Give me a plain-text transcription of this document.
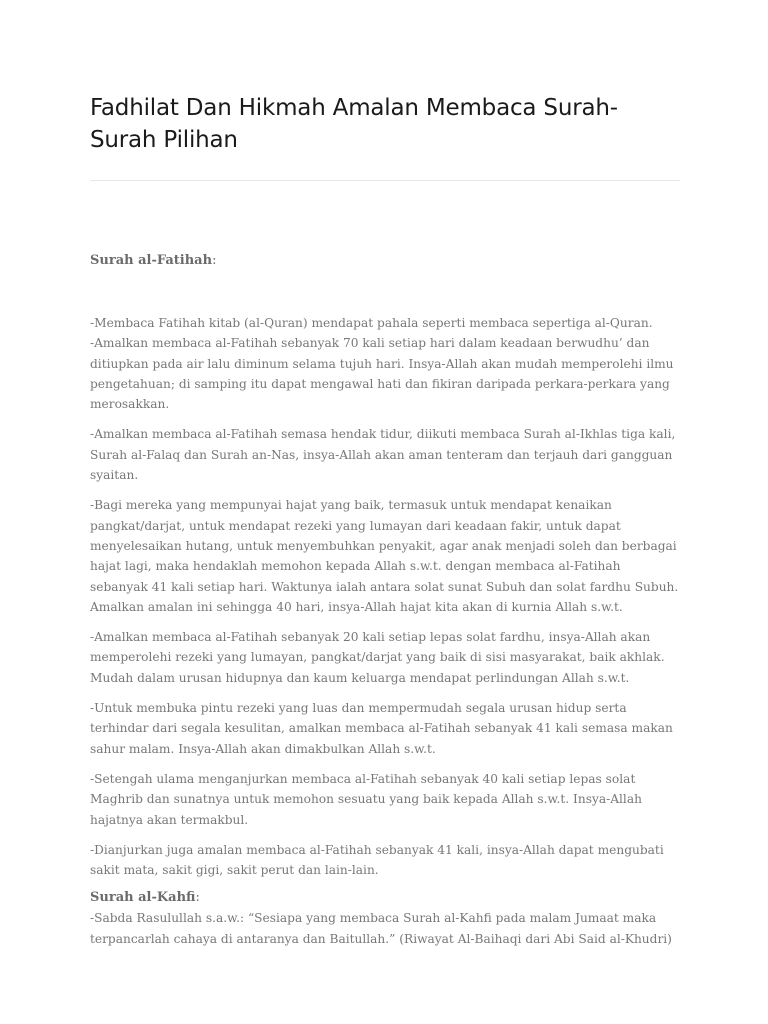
Fadhilat Dan Hikmah Amalan Membaca Surah-Surah Pilihan
Surah al-Fatihah:

-Membaca Fatihah kitab (al-Quran) mendapat pahala seperti membaca sepertiga al-Quran.
-Amalkan membaca al-Fatihah sebanyak 70 kali setiap hari dalam keadaan berwudhu’ dan ditiupkan pada air lalu diminum selama tujuh hari. Insya-Allah akan mudah memperolehi ilmu pengetahuan; di samping itu dapat mengawal hati dan fikiran daripada perkara-perkara yang merosakkan.

-Amalkan membaca al-Fatihah semasa hendak tidur, diikuti membaca Surah al-Ikhlas tiga kali, Surah al-Falaq dan Surah an-Nas, insya-Allah akan aman tenteram dan terjauh dari gangguan syaitan.

-Bagi mereka yang mempunyai hajat yang baik, termasuk untuk mendapat kenaikan pangkat/darjat, untuk mendapat rezeki yang lumayan dari keadaan fakir, untuk dapat menyelesaikan hutang, untuk menyembuhkan penyakit, agar anak menjadi soleh dan berbagai hajat lagi, maka hendaklah memohon kepada Allah s.w.t. dengan membaca al-Fatihah sebanyak 41 kali setiap hari. Waktunya ialah antara solat sunat Subuh dan solat fardhu Subuh. Amalkan amalan ini sehingga 40 hari, insya-Allah hajat kita akan di kurnia Allah s.w.t.

-Amalkan membaca al-Fatihah sebanyak 20 kali setiap lepas solat fardhu, insya-Allah akan memperolehi rezeki yang lumayan, pangkat/darjat yang baik di sisi masyarakat, baik akhlak. Mudah dalam urusan hidupnya dan kaum keluarga mendapat perlindungan Allah s.w.t.

-Untuk membuka pintu rezeki yang luas dan mempermudah segala urusan hidup serta terhindar dari segala kesulitan, amalkan membaca al-Fatihah sebanyak 41 kali semasa makan sahur malam. Insya-Allah akan dimakbulkan Allah s.w.t.

-Setengah ulama menganjurkan membaca al-Fatihah sebanyak 40 kali setiap lepas solat Maghrib dan sunatnya untuk memohon sesuatu yang baik kepada Allah s.w.t. Insya-Allah hajatnya akan termakbul.

-Dianjurkan juga amalan membaca al-Fatihah sebanyak 41 kali, insya-Allah dapat mengubati sakit mata, sakit gigi, sakit perut dan lain-lain.

Surah al-Kahfi:

-Sabda Rasulullah s.a.w.: “Sesiapa yang membaca Surah al-Kahfi pada malam Jumaat maka terpancarlah cahaya di antaranya dan Baitullah.” (Riwayat Al-Baihaqi dari Abi Said al-Khudri)
